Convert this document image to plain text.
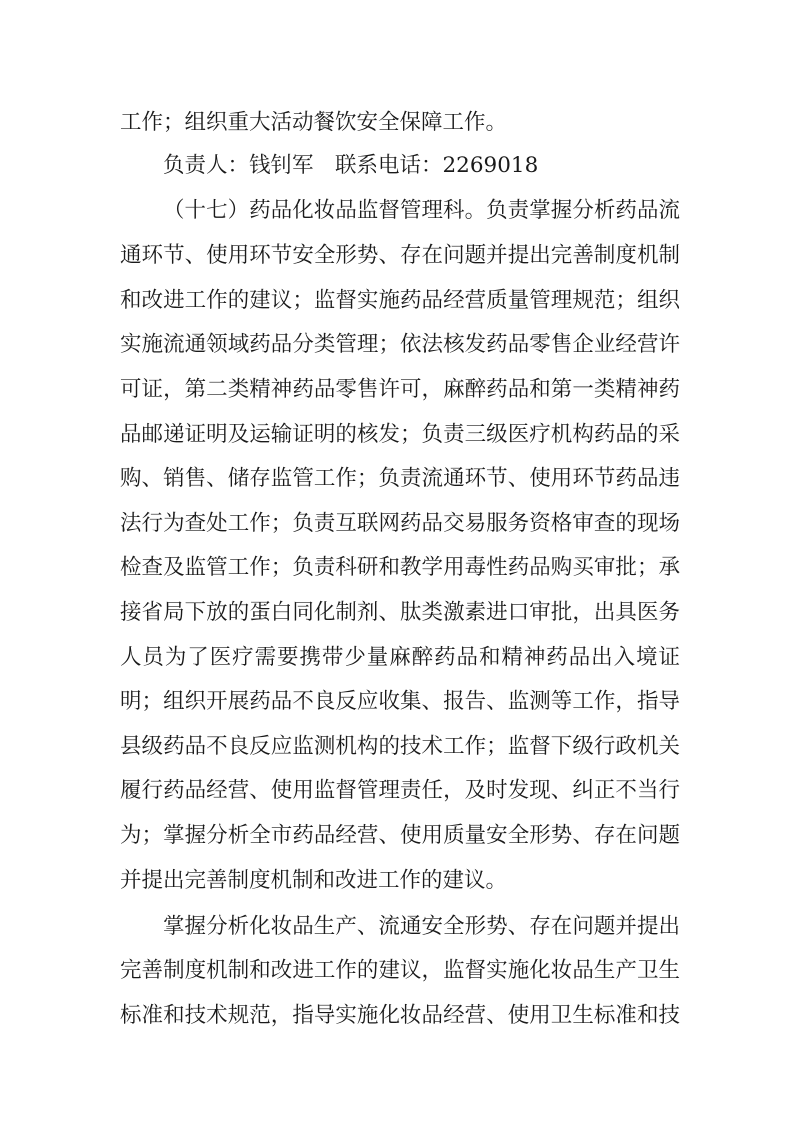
工作；组织重大活动餐饮安全保障工作。
负责人：钱钊军　联系电话：2269018
（十七）药品化妆品监督管理科。负责掌握分析药品流
通环节、使用环节安全形势、存在问题并提出完善制度机制
和改进工作的建议；监督实施药品经营质量管理规范；组织
实施流通领域药品分类管理；依法核发药品零售企业经营许
可证，第二类精神药品零售许可，麻醉药品和第一类精神药
品邮递证明及运输证明的核发；负责三级医疗机构药品的采
购、销售、储存监管工作；负责流通环节、使用环节药品违
法行为查处工作；负责互联网药品交易服务资格审查的现场
检查及监管工作；负责科研和教学用毒性药品购买审批；承
接省局下放的蛋白同化制剂、肽类激素进口审批，出具医务
人员为了医疗需要携带少量麻醉药品和精神药品出入境证
明；组织开展药品不良反应收集、报告、监测等工作，指导
县级药品不良反应监测机构的技术工作；监督下级行政机关
履行药品经营、使用监督管理责任，及时发现、纠正不当行
为；掌握分析全市药品经营、使用质量安全形势、存在问题
并提出完善制度机制和改进工作的建议。
掌握分析化妆品生产、流通安全形势、存在问题并提出
完善制度机制和改进工作的建议，监督实施化妆品生产卫生
标准和技术规范，指导实施化妆品经营、使用卫生标准和技
